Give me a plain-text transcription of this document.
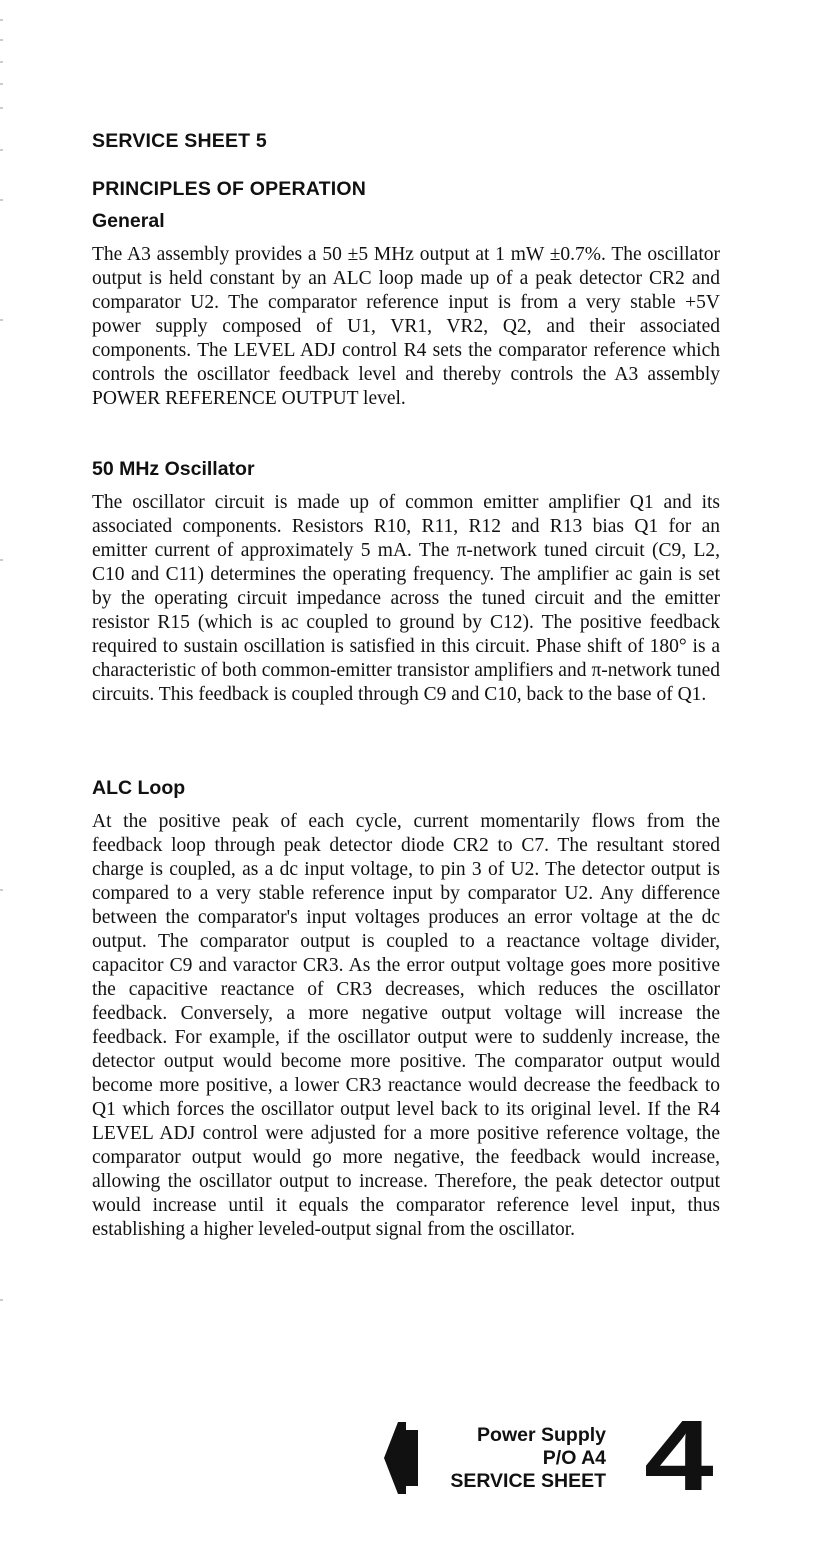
SERVICE SHEET 5
PRINCIPLES OF OPERATION
General

The A3 assembly provides a 50 ±5 MHz output at 1 mW ±0.7%. The oscillator output is held constant by an ALC loop made up of a peak detector CR2 and comparator U2. The comparator reference input is from a very stable +5V power supply composed of U1, VR1, VR2, Q2, and their associated components. The LEVEL ADJ control R4 sets the comparator reference which controls the oscillator feedback level and thereby controls the A3 assembly POWER REFERENCE OUTPUT level.

50 MHz Oscillator

The oscillator circuit is made up of common emitter amplifier Q1 and its associated components. Resistors R10, R11, R12 and R13 bias Q1 for an emitter current of approximately 5 mA. The π-network tuned circuit (C9, L2, C10 and C11) determines the operating frequency. The amplifier ac gain is set by the operating circuit impedance across the tuned circuit and the emitter resistor R15 (which is ac coupled to ground by C12). The positive feedback required to sustain oscillation is satisfied in this circuit. Phase shift of 180° is a characteristic of both common-emitter transistor amplifiers and π-network tuned circuits. This feedback is coupled through C9 and C10, back to the base of Q1.

ALC Loop

At the positive peak of each cycle, current momentarily flows from the feedback loop through peak detector diode CR2 to C7. The resultant stored charge is coupled, as a dc input voltage, to pin 3 of U2. The detector output is compared to a very stable reference input by comparator U2. Any difference between the comparator's input voltages produces an error voltage at the dc output. The comparator output is coupled to a reactance voltage divider, capacitor C9 and varactor CR3. As the error output voltage goes more positive the capacitive reactance of CR3 decreases, which reduces the oscillator feedback. Conversely, a more negative output voltage will increase the feedback. For example, if the oscillator output were to suddenly increase, the detector output would become more positive. The comparator output would become more positive, a lower CR3 reactance would decrease the feedback to Q1 which forces the oscillator output level back to its original level. If the R4 LEVEL ADJ control were adjusted for a more positive reference voltage, the comparator output would go more negative, the feedback would increase, allowing the oscillator output to increase. Therefore, the peak detector output would increase until it equals the comparator reference level input, thus establishing a higher leveled-output signal from the oscillator.

Power Supply
P/O A4
SERVICE SHEET 4
